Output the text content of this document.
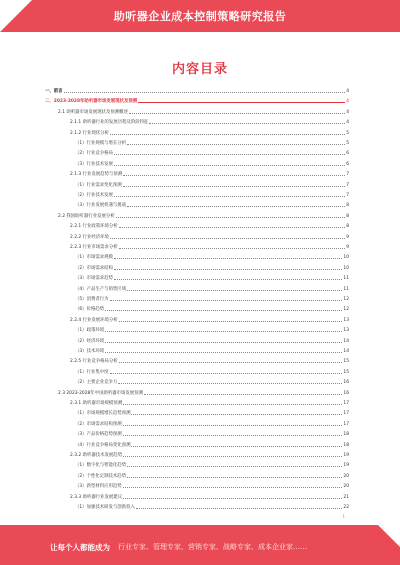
助听器企业成本控制策略研究报告
内容目录
一、前言	4
二、2023-2028年助听器市场发展现状及预测	4
2.1 助听器市场发展现状及预测概述	4
2.1.1 助听器行业的发展历程及阶段特征	4
2.1.2 行业现状分析	5
（1）行业规模与增长分析	5
（2）行业竞争格局	6
（3）行业技术发展	6
2.1.3 行业发展趋势与预测	7
（1）行业需求变化预测	7
（2）行业技术发展	7
（3）行业发展机遇与挑战	8
2.2 我国助听器行业发展分析	8
2.2.1 行业政策环境分析	8
2.2.2 行业经济环境	9
2.2.3 行业市场需求分析	9
（1）市场需求规模	10
（2）市场需求结构	10
（3）市场需求趋势	11
（4）产品生产与销售区域	11
（5）消费者行为	12
（6）价格趋势	12
2.2.4 行业发展环境分析	13
（1）政策环境	13
（2）经济环境	14
（3）技术环境	14
2.2.5 行业竞争格局分析	15
（1）行业集中度	15
（2）主要企业竞争力	16
2.3 2023-2028年中国助听器市场发展预测	16
2.3.1 助听器市场规模预测	17
（1）市场规模增长趋势预测	17
（2）市场需求结构预测	17
（3）产品价格趋势预测	18
（4）行业竞争格局变化预测	18
2.3.2 助听器技术发展趋势	19
（1）数字化与智能化趋势	19
（2）个性化定制技术趋势	20
（3）新型材料应用趋势	20
2.3.3 助听器行业发展建议	21
（1）加强技术研发与创新投入	22
1
让每个人都能成为 行业专家、管理专家、营销专家、战略专家、成本企业家……
